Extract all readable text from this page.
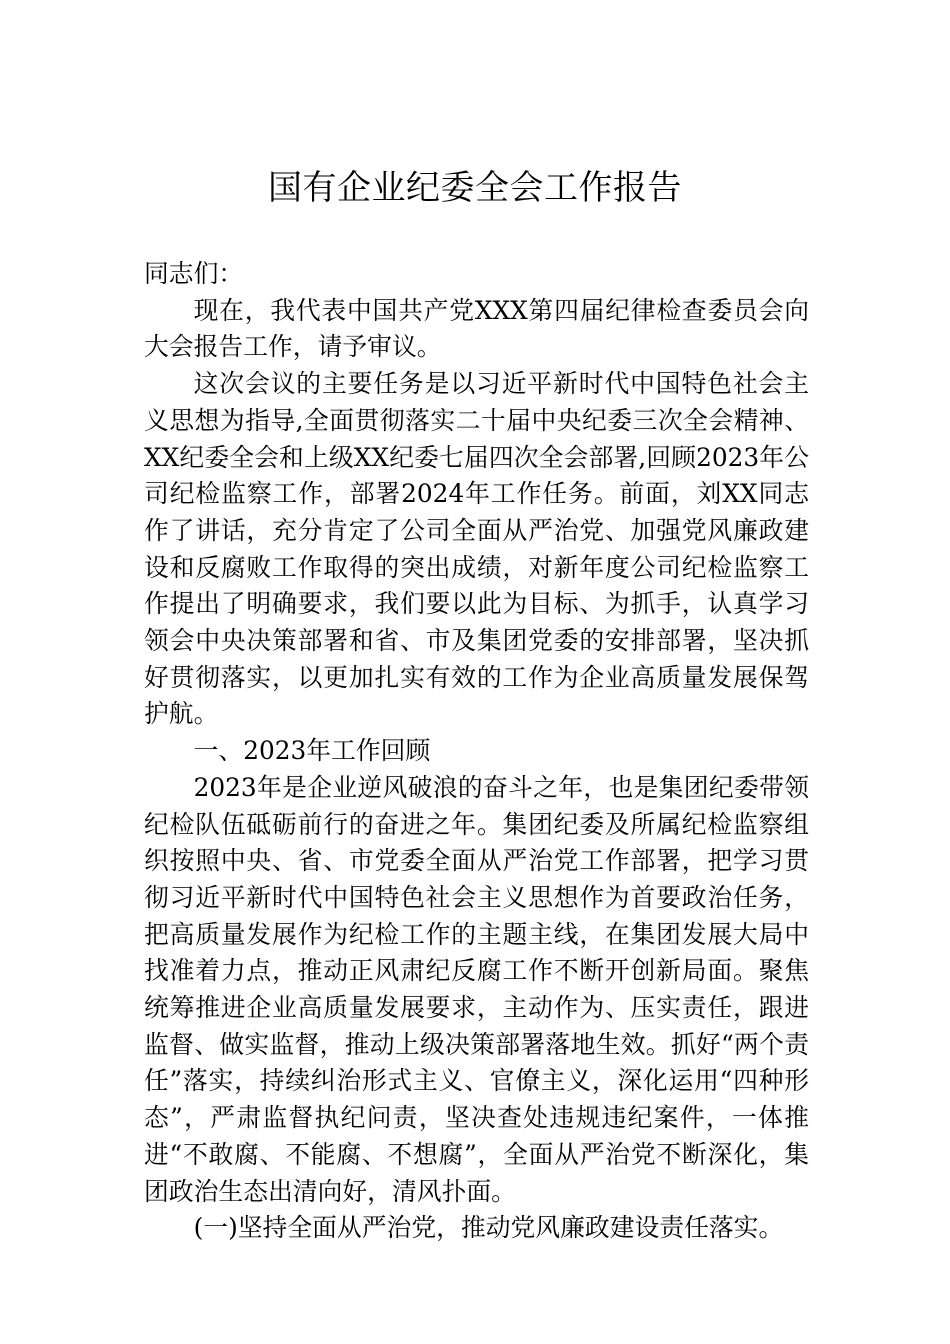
国有企业纪委全会工作报告

同志们：

现在，我代表中国共产党XXX第四届纪律检查委员会向大会报告工作，请予审议。

这次会议的主要任务是以习近平新时代中国特色社会主义思想为指导,全面贯彻落实二十届中央纪委三次全会精神、XX纪委全会和上级XX纪委七届四次全会部署,回顾2023年公司纪检监察工作，部署2024年工作任务。前面，刘XX同志作了讲话，充分肯定了公司全面从严治党、加强党风廉政建设和反腐败工作取得的突出成绩，对新年度公司纪检监察工作提出了明确要求，我们要以此为目标、为抓手，认真学习领会中央决策部署和省、市及集团党委的安排部署，坚决抓好贯彻落实，以更加扎实有效的工作为企业高质量发展保驾护航。

一、2023年工作回顾

2023年是企业逆风破浪的奋斗之年，也是集团纪委带领纪检队伍砥砺前行的奋进之年。集团纪委及所属纪检监察组织按照中央、省、市党委全面从严治党工作部署，把学习贯彻习近平新时代中国特色社会主义思想作为首要政治任务，把高质量发展作为纪检工作的主题主线，在集团发展大局中找准着力点，推动正风肃纪反腐工作不断开创新局面。聚焦统筹推进企业高质量发展要求，主动作为、压实责任，跟进监督、做实监督，推动上级决策部署落地生效。抓好“两个责任”落实，持续纠治形式主义、官僚主义，深化运用“四种形态”，严肃监督执纪问责，坚决查处违规违纪案件，一体推进“不敢腐、不能腐、不想腐”，全面从严治党不断深化，集团政治生态出清向好，清风扑面。

(一)坚持全面从严治党，推动党风廉政建设责任落实。
